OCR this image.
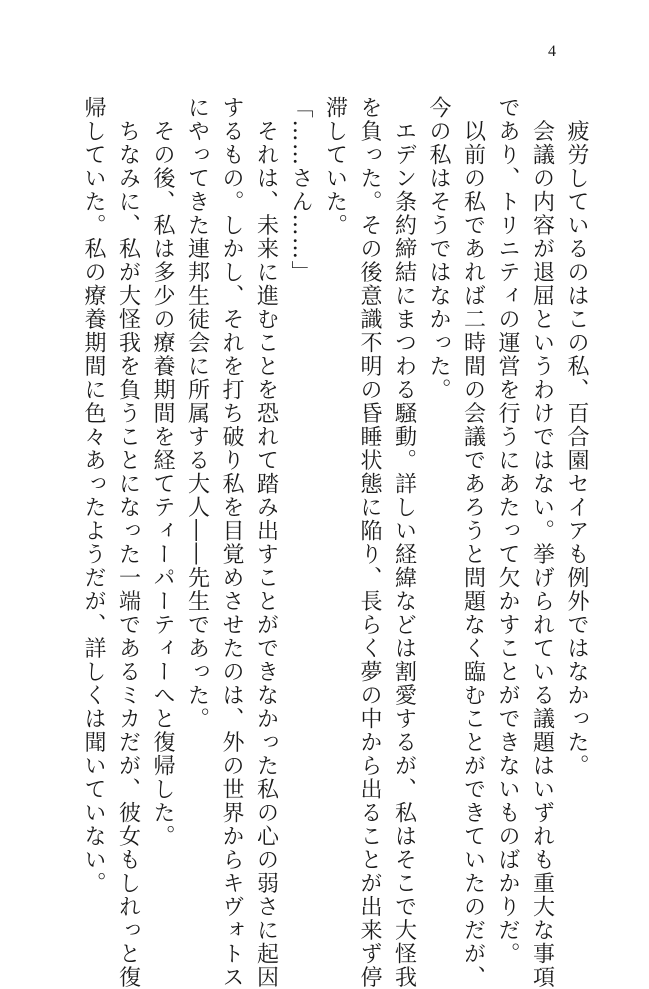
4
　疲労しているのはこの私、百合園セイアも例外ではなかった。
　会議の内容が退屈というわけではない。挙げられている議題はいずれも重大な事項
であり、トリニティの運営を行うにあたって欠かすことができないものばかりだ。
　以前の私であれば二時間の会議であろうと問題なく臨むことができていたのだが、
今の私はそうではなかった。
　エデン条約締結にまつわる騒動。詳しい経緯などは割愛するが、私はそこで大怪我
を負った。その後意識不明の昏睡状態に陥り、長らく夢の中から出ることが出来ず停
滞していた。
「……さん……」
　それは、未来に進むことを恐れて踏み出すことができなかった私の心の弱さに起因
するもの。しかし、それを打ち破り私を目覚めさせたのは、外の世界からキヴォトス
にやってきた連邦生徒会に所属する大人――先生であった。
　その後、私は多少の療養期間を経てティーパーティーへと復帰した。
　ちなみに、私が大怪我を負うことになった一端であるミカだが、彼女もしれっと復
帰していた。私の療養期間に色々あったようだが、詳しくは聞いていない。
